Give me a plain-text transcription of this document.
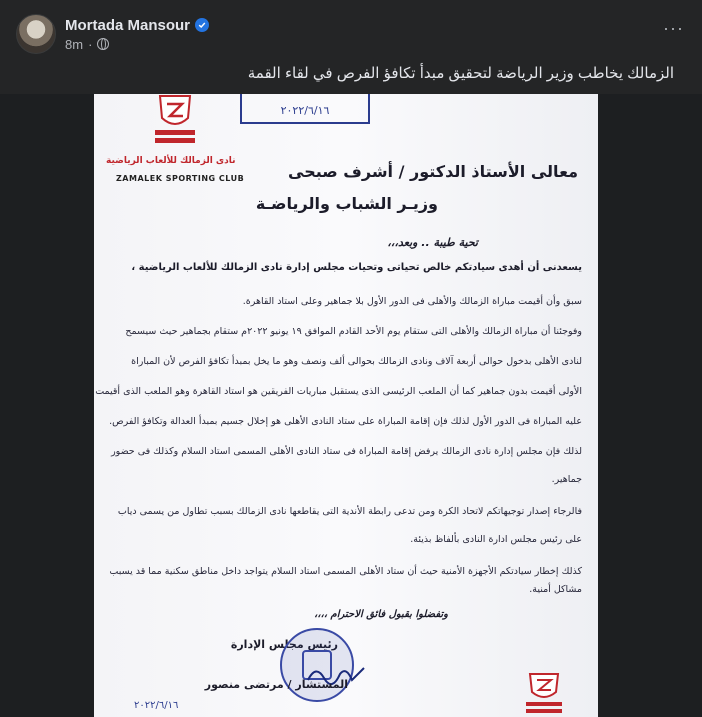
Mortada Mansour
8m ·
···
الزمالك يخاطب وزير الرياضة لتحقيق مبدأ تكافؤ الفرص في لقاء القمة
نادى الزمالك للألعاب الرياضية
ZAMALEK SPORTING CLUB
٢٠٢٢/٦/١٦
معالى الأستاذ الدكتور / أشرف صبحى
وزيـر الشباب والرياضـة
تحية طيبة .. وبعد،،،
يسعدنى أن أهدى سيادتكم خالص تحياتى وتحيات مجلس إدارة نادى الزمالك للألعاب الرياضية ،
سبق وأن أقيمت مباراة الزمالك والأهلى فى الدور الأول بلا جماهير وعلى استاد القاهرة.
وفوجئنا أن مباراة الزمالك والأهلى التى ستقام يوم الأحد القادم الموافق ١٩ يونيو ٢٠٢٢م ستقام بجماهير حيث سيسمح
لنادى الأهلى بدخول حوالى أربعة آلاف ونادى الزمالك بحوالى ألف ونصف وهو ما يخل بمبدأ تكافؤ الفرص لأن المباراة
الأولى أقيمت بدون جماهير كما أن الملعب الرئيسى الذى يستقبل مباريات الفريقين هو استاد القاهرة وهو الملعب الذى أقيمت
عليه المباراة فى الدور الأول لذلك فإن إقامة المباراة على ستاد النادى الأهلى هو إخلال جسيم بمبدأ العدالة وتكافؤ الفرص.
لذلك فإن مجلس إدارة نادى الزمالك يرفض إقامة المباراة فى ستاد النادى الأهلى المسمى استاد السلام وكذلك فى حضور
جماهير.
فالرجاء إصدار توجيهاتكم لاتحاد الكرة ومن تدعى رابطة الأندية التى يقاطعها نادى الزمالك بسبب تطاول من يسمى دياب
على رئيس مجلس ادارة النادى بألفاظ بذيئة.
كذلك إخطار سيادتكم الأجهزة الأمنية حيث أن ستاد الأهلى المسمى استاد السلام يتواجد داخل مناطق سكنية مما قد يسبب
مشاكل أمنية.
وتفضلوا بقبول فائق الاحترام ،،،،
رئيس مجلس الإدارة
المستشار / مرتضى منصور
٢٠٢٢/٦/١٦
